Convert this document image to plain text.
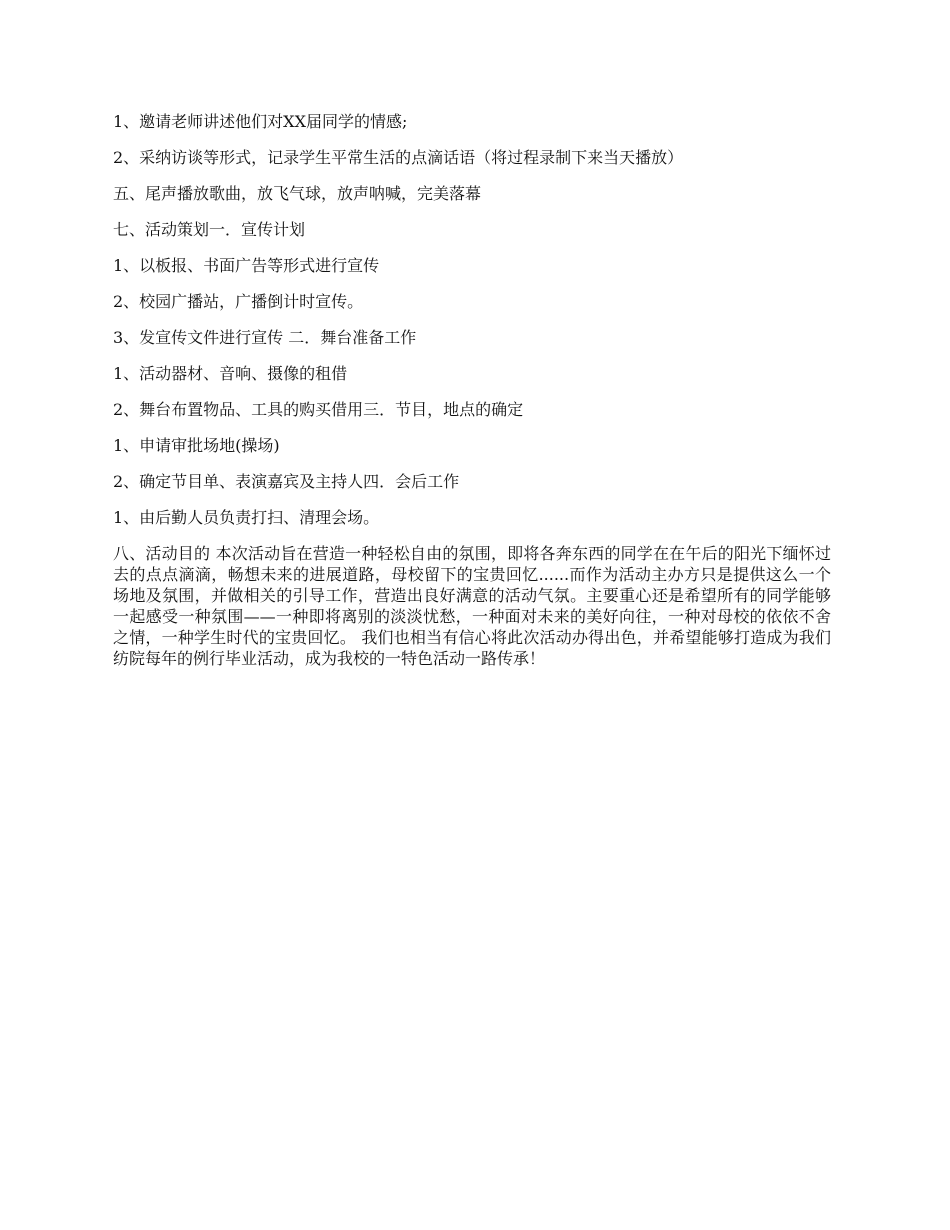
1、邀请老师讲述他们对XX届同学的情感;

2、采纳访谈等形式，记录学生平常生活的点滴话语（将过程录制下来当天播放）

五、尾声播放歌曲，放飞气球，放声呐喊，完美落幕

七、活动策划一．宣传计划

1、以板报、书面广告等形式进行宣传

2、校园广播站，广播倒计时宣传。

3、发宣传文件进行宣传 二．舞台准备工作

1、活动器材、音响、摄像的租借

2、舞台布置物品、工具的购买借用三．节目，地点的确定

1、申请审批场地(操场)

2、确定节目单、表演嘉宾及主持人四．会后工作

1、由后勤人员负责打扫、清理会场。

八、活动目的 本次活动旨在营造一种轻松自由的氛围，即将各奔东西的同学在在午后的阳光下缅怀过去的点点滴滴，畅想未来的进展道路，母校留下的宝贵回忆......而作为活动主办方只是提供这么一个场地及氛围，并做相关的引导工作，营造出良好满意的活动气氛。主要重心还是希望所有的同学能够一起感受一种氛围——一种即将离别的淡淡忧愁，一种面对未来的美好向往，一种对母校的依依不舍之情，一种学生时代的宝贵回忆。 我们也相当有信心将此次活动办得出色，并希望能够打造成为我们纺院每年的例行毕业活动，成为我校的一特色活动一路传承！
